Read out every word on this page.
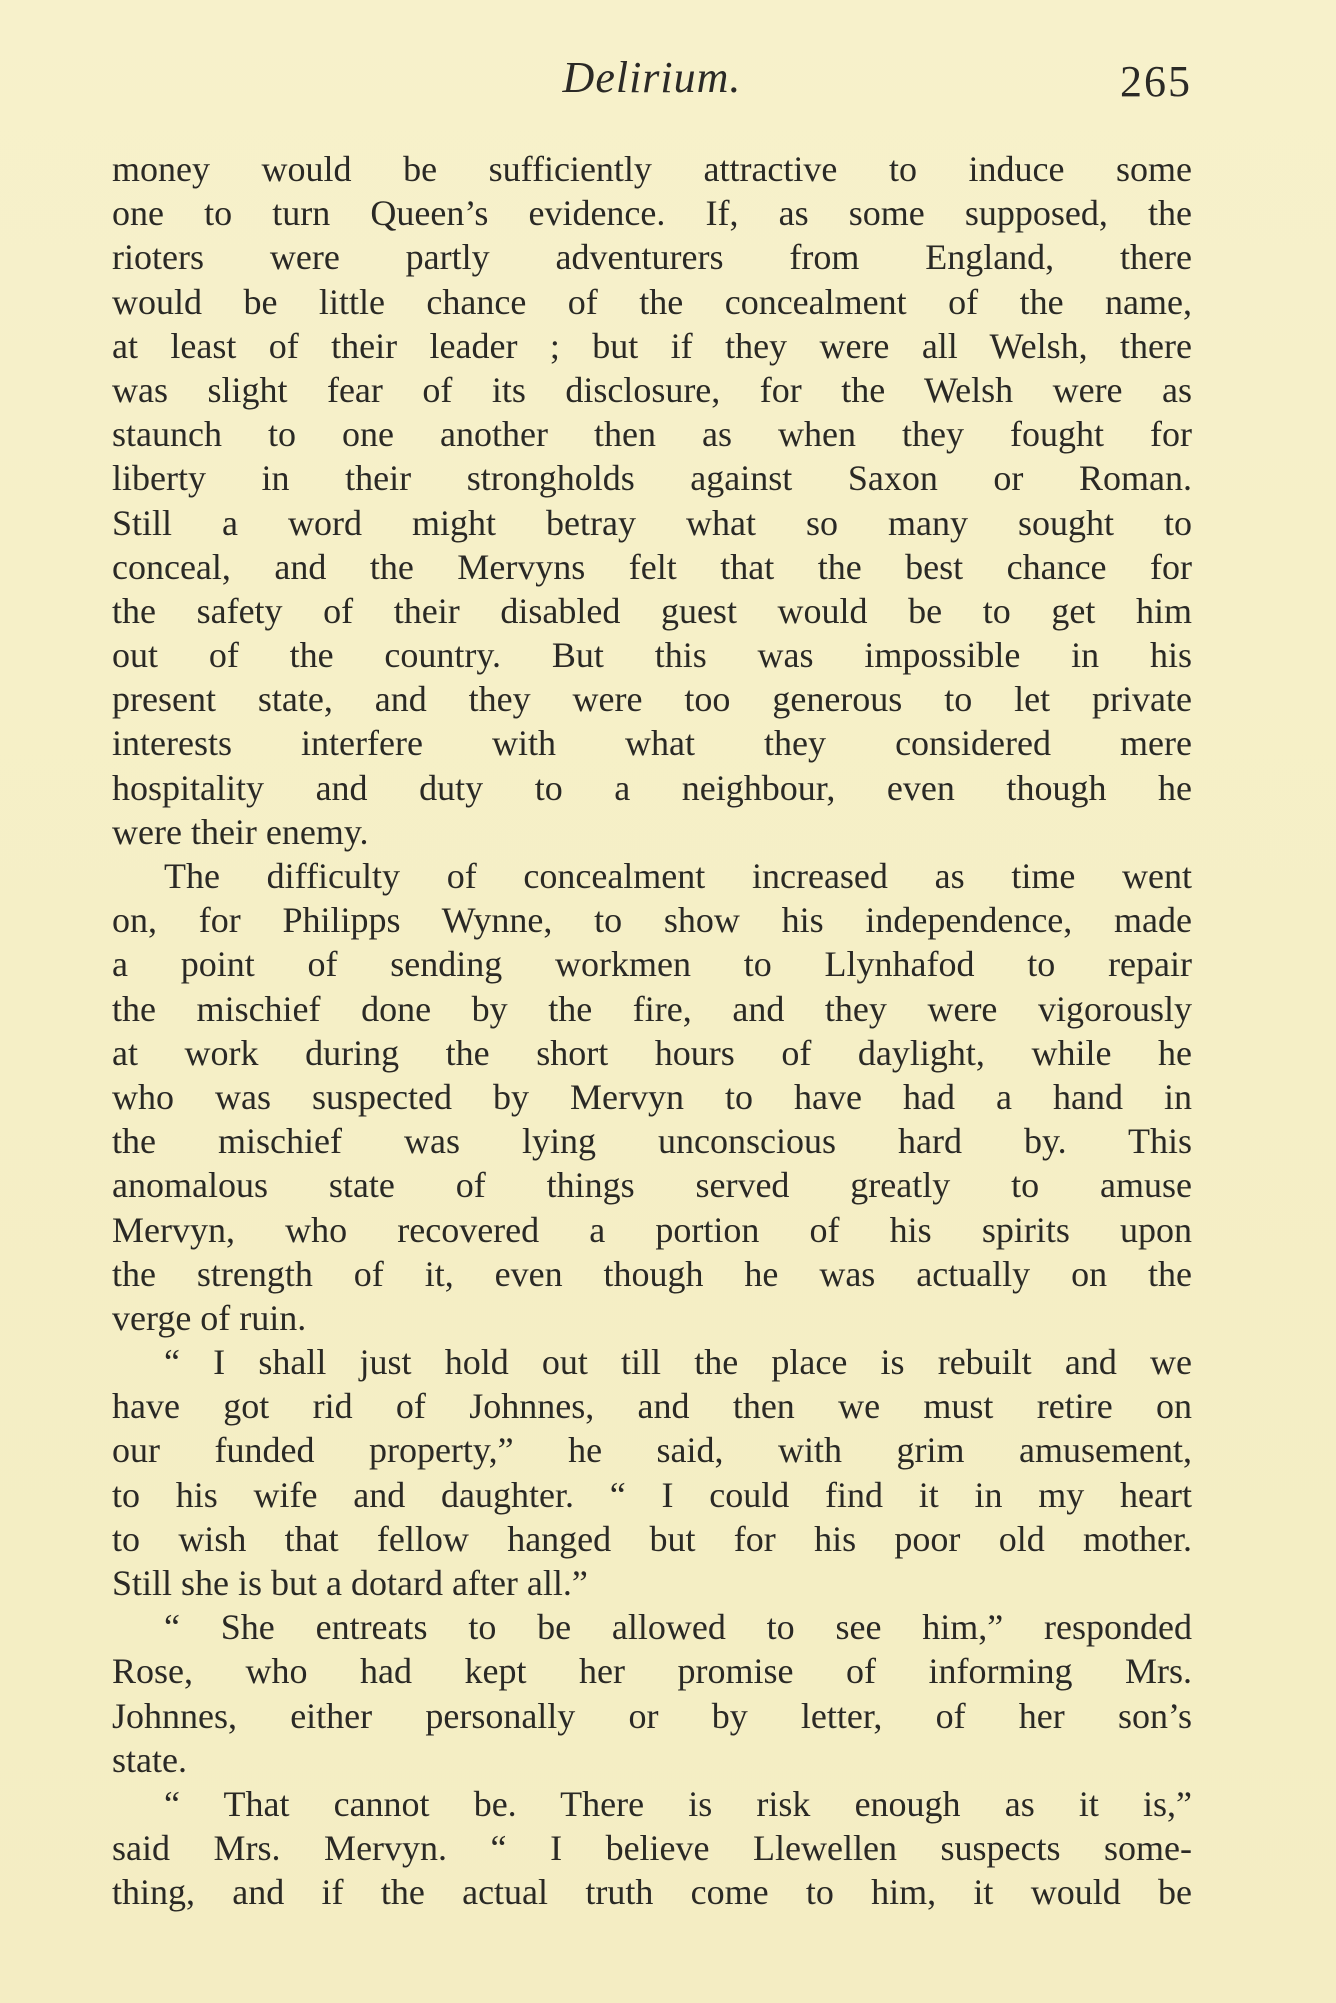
Delirium.	265
money would be sufficiently attractive to induce some
one to turn Queen’s evidence. If, as some supposed, the
rioters were partly adventurers from England, there
would be little chance of the concealment of the name,
at least of their leader ; but if they were all Welsh, there
was slight fear of its disclosure, for the Welsh were as
staunch to one another then as when they fought for
liberty in their strongholds against Saxon or Roman.
Still a word might betray what so many sought to
conceal, and the Mervyns felt that the best chance for
the safety of their disabled guest would be to get him
out of the country. But this was impossible in his
present state, and they were too generous to let private
interests interfere with what they considered mere
hospitality and duty to a neighbour, even though he
were their enemy.
The difficulty of concealment increased as time went
on, for Philipps Wynne, to show his independence, made
a point of sending workmen to Llynhafod to repair
the mischief done by the fire, and they were vigorously
at work during the short hours of daylight, while he
who was suspected by Mervyn to have had a hand in
the mischief was lying unconscious hard by. This
anomalous state of things served greatly to amuse
Mervyn, who recovered a portion of his spirits upon
the strength of it, even though he was actually on the
verge of ruin.
“ I shall just hold out till the place is rebuilt and we
have got rid of Johnnes, and then we must retire on
our funded property,” he said, with grim amusement,
to his wife and daughter. “ I could find it in my heart
to wish that fellow hanged but for his poor old mother.
Still she is but a dotard after all.”
“ She entreats to be allowed to see him,” responded
Rose, who had kept her promise of informing Mrs.
Johnnes, either personally or by letter, of her son’s
state.
“ That cannot be. There is risk enough as it is,”
said Mrs. Mervyn. “ I believe Llewellen suspects some-
thing, and if the actual truth come to him, it would be
